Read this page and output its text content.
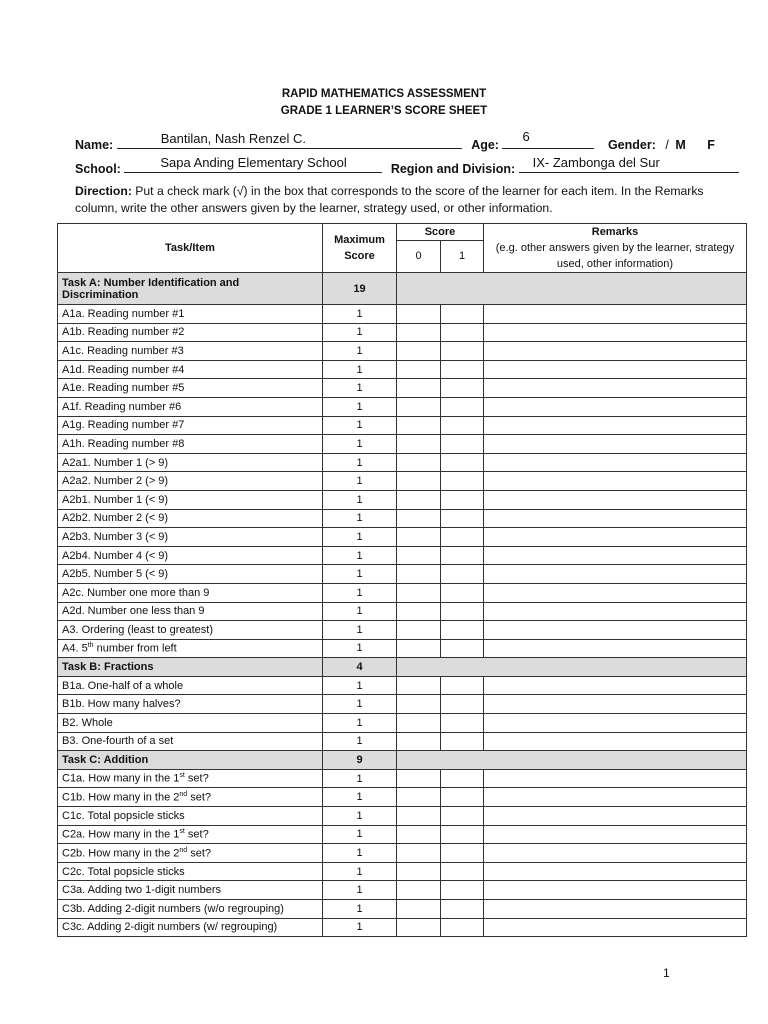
RAPID MATHEMATICS ASSESSMENT
GRADE 1 LEARNER’S SCORE SHEET
Name:	Bantilan, Nash Renzel C.	Age:
6
Gender: / M F
School:	Sapa Anding Elementary School	Region and Division: IX- Zambonga del Sur
Direction: Put a check mark (√) in the box that corresponds to the score of the learner for each item. In the Remarks column, write the other answers given by the learner, strategy used, or other information.
Task/Item	Maximum Score	Score		Remarks
(e.g. other answers given by the learner, strategy used, other information)

		0	1	
Task A: Number Identification and Discrimination	19			
A1a. Reading number #1	1			
A1b. Reading number #2	1			
A1c. Reading number #3	1			
A1d. Reading number #4	1			
A1e. Reading number #5	1			
A1f. Reading number #6	1			
A1g. Reading number #7	1			
A1h. Reading number #8	1			
A2a1. Number 1 (> 9)	1			
A2a2. Number 2 (> 9)	1			
A2b1. Number 1 (< 9)	1			
A2b2. Number 2 (< 9)	1			
A2b3. Number 3 (< 9)	1			
A2b4. Number 4 (< 9)	1			
A2b5. Number 5 (< 9)	1			
A2c. Number one more than 9	1			
A2d. Number one less than 9	1			
A3. Ordering (least to greatest)	1			
A4. 5th number from left	1			
Task B: Fractions	4			
B1a. One-half of a whole	1			
B1b. How many halves?	1			
B2. Whole	1			
B3. One-fourth of a set	1			
Task C: Addition	9			
C1a. How many in the 1st set?	1			
C1b. How many in the 2nd set?	1			
C1c. Total popsicle sticks	1			
C2a. How many in the 1st set?	1			
C2b. How many in the 2nd set?	1			
C2c. Total popsicle sticks	1			
C3a. Adding two 1-digit numbers	1			
C3b. Adding 2-digit numbers (w/o regrouping)	1			
C3c. Adding 2-digit numbers (w/ regrouping)	1			
1
